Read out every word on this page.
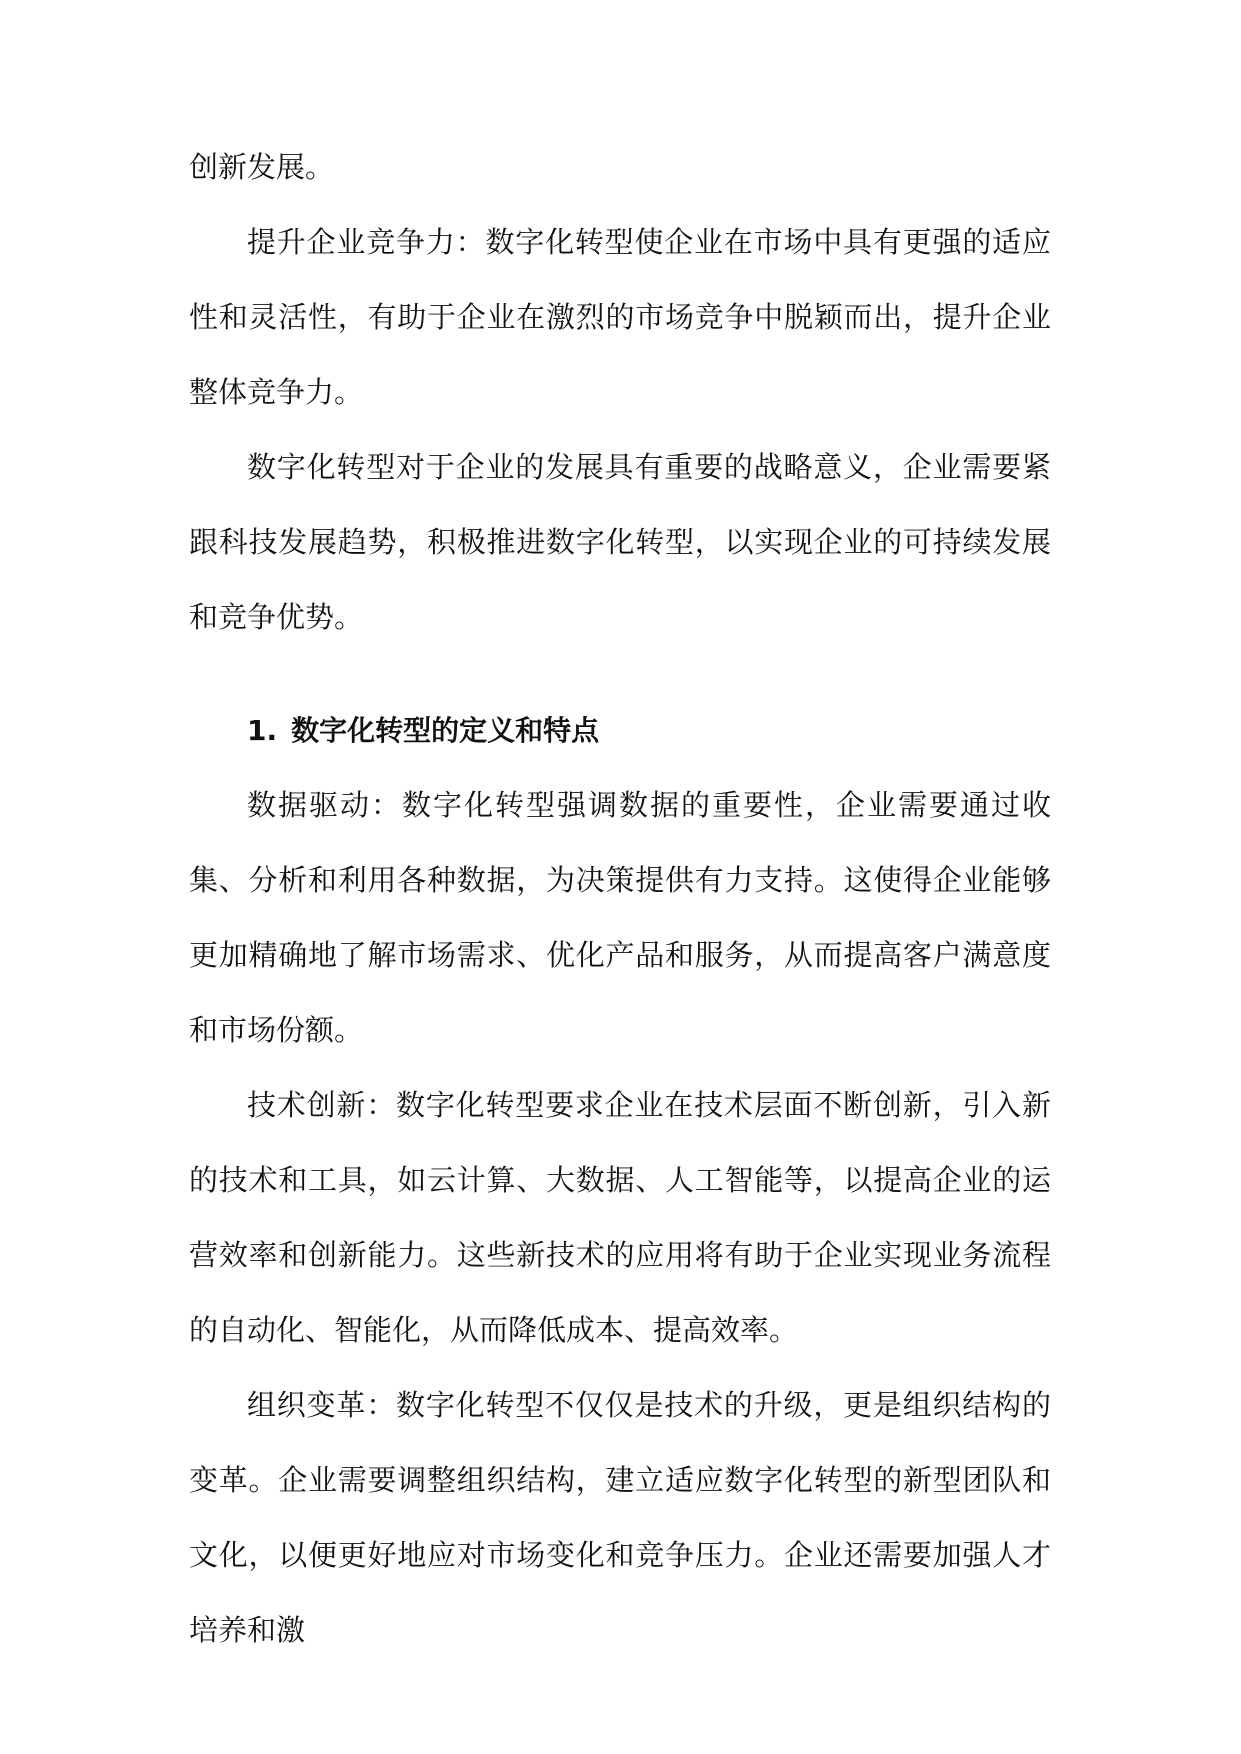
创新发展。

提升企业竞争力：数字化转型使企业在市场中具有更强的适应性和灵活性，有助于企业在激烈的市场竞争中脱颖而出，提升企业整体竞争力。

数字化转型对于企业的发展具有重要的战略意义，企业需要紧跟科技发展趋势，积极推进数字化转型，以实现企业的可持续发展和竞争优势。

1. 数字化转型的定义和特点

数据驱动：数字化转型强调数据的重要性，企业需要通过收集、分析和利用各种数据，为决策提供有力支持。这使得企业能够更加精确地了解市场需求、优化产品和服务，从而提高客户满意度和市场份额。

技术创新：数字化转型要求企业在技术层面不断创新，引入新的技术和工具，如云计算、大数据、人工智能等，以提高企业的运营效率和创新能力。这些新技术的应用将有助于企业实现业务流程的自动化、智能化，从而降低成本、提高效率。

组织变革：数字化转型不仅仅是技术的升级，更是组织结构的变革。企业需要调整组织结构，建立适应数字化转型的新型团队和文化，以便更好地应对市场变化和竞争压力。企业还需要加强人才培养和激
